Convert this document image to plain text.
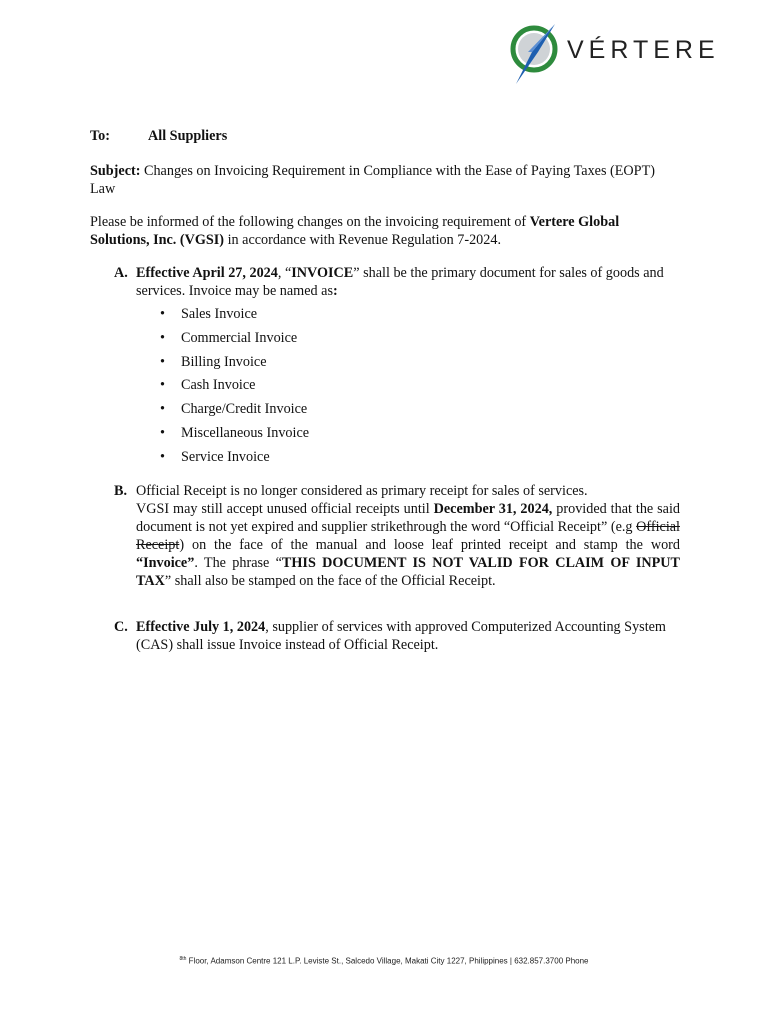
VÉRTERE
To:	All Suppliers
Subject: Changes on Invoicing Requirement in Compliance with the Ease of Paying Taxes (EOPT) Law
Please be informed of the following changes on the invoicing requirement of Vertere Global Solutions, Inc. (VGSI) in accordance with Revenue Regulation 7-2024.
A. Effective April 27, 2024, “INVOICE” shall be the primary document for sales of goods and services. Invoice may be named as:
• Sales Invoice
• Commercial Invoice
• Billing Invoice
• Cash Invoice
• Charge/Credit Invoice
• Miscellaneous Invoice
• Service Invoice
B. Official Receipt is no longer considered as primary receipt for sales of services.
VGSI may still accept unused official receipts until December 31, 2024, provided that the said document is not yet expired and supplier strikethrough the word “Official Receipt” (e.g Official Receipt) on the face of the manual and loose leaf printed receipt and stamp the word “Invoice”. The phrase “THIS DOCUMENT IS NOT VALID FOR CLAIM OF INPUT TAX” shall also be stamped on the face of the Official Receipt.
C. Effective July 1, 2024, supplier of services with approved Computerized Accounting System (CAS) shall issue Invoice instead of Official Receipt.
$^{8th}$ Floor, Adamson Centre 121 L.P. Leviste St., Salcedo Village, Makati City 1227, Philippines | 632.857.3700 Phone
